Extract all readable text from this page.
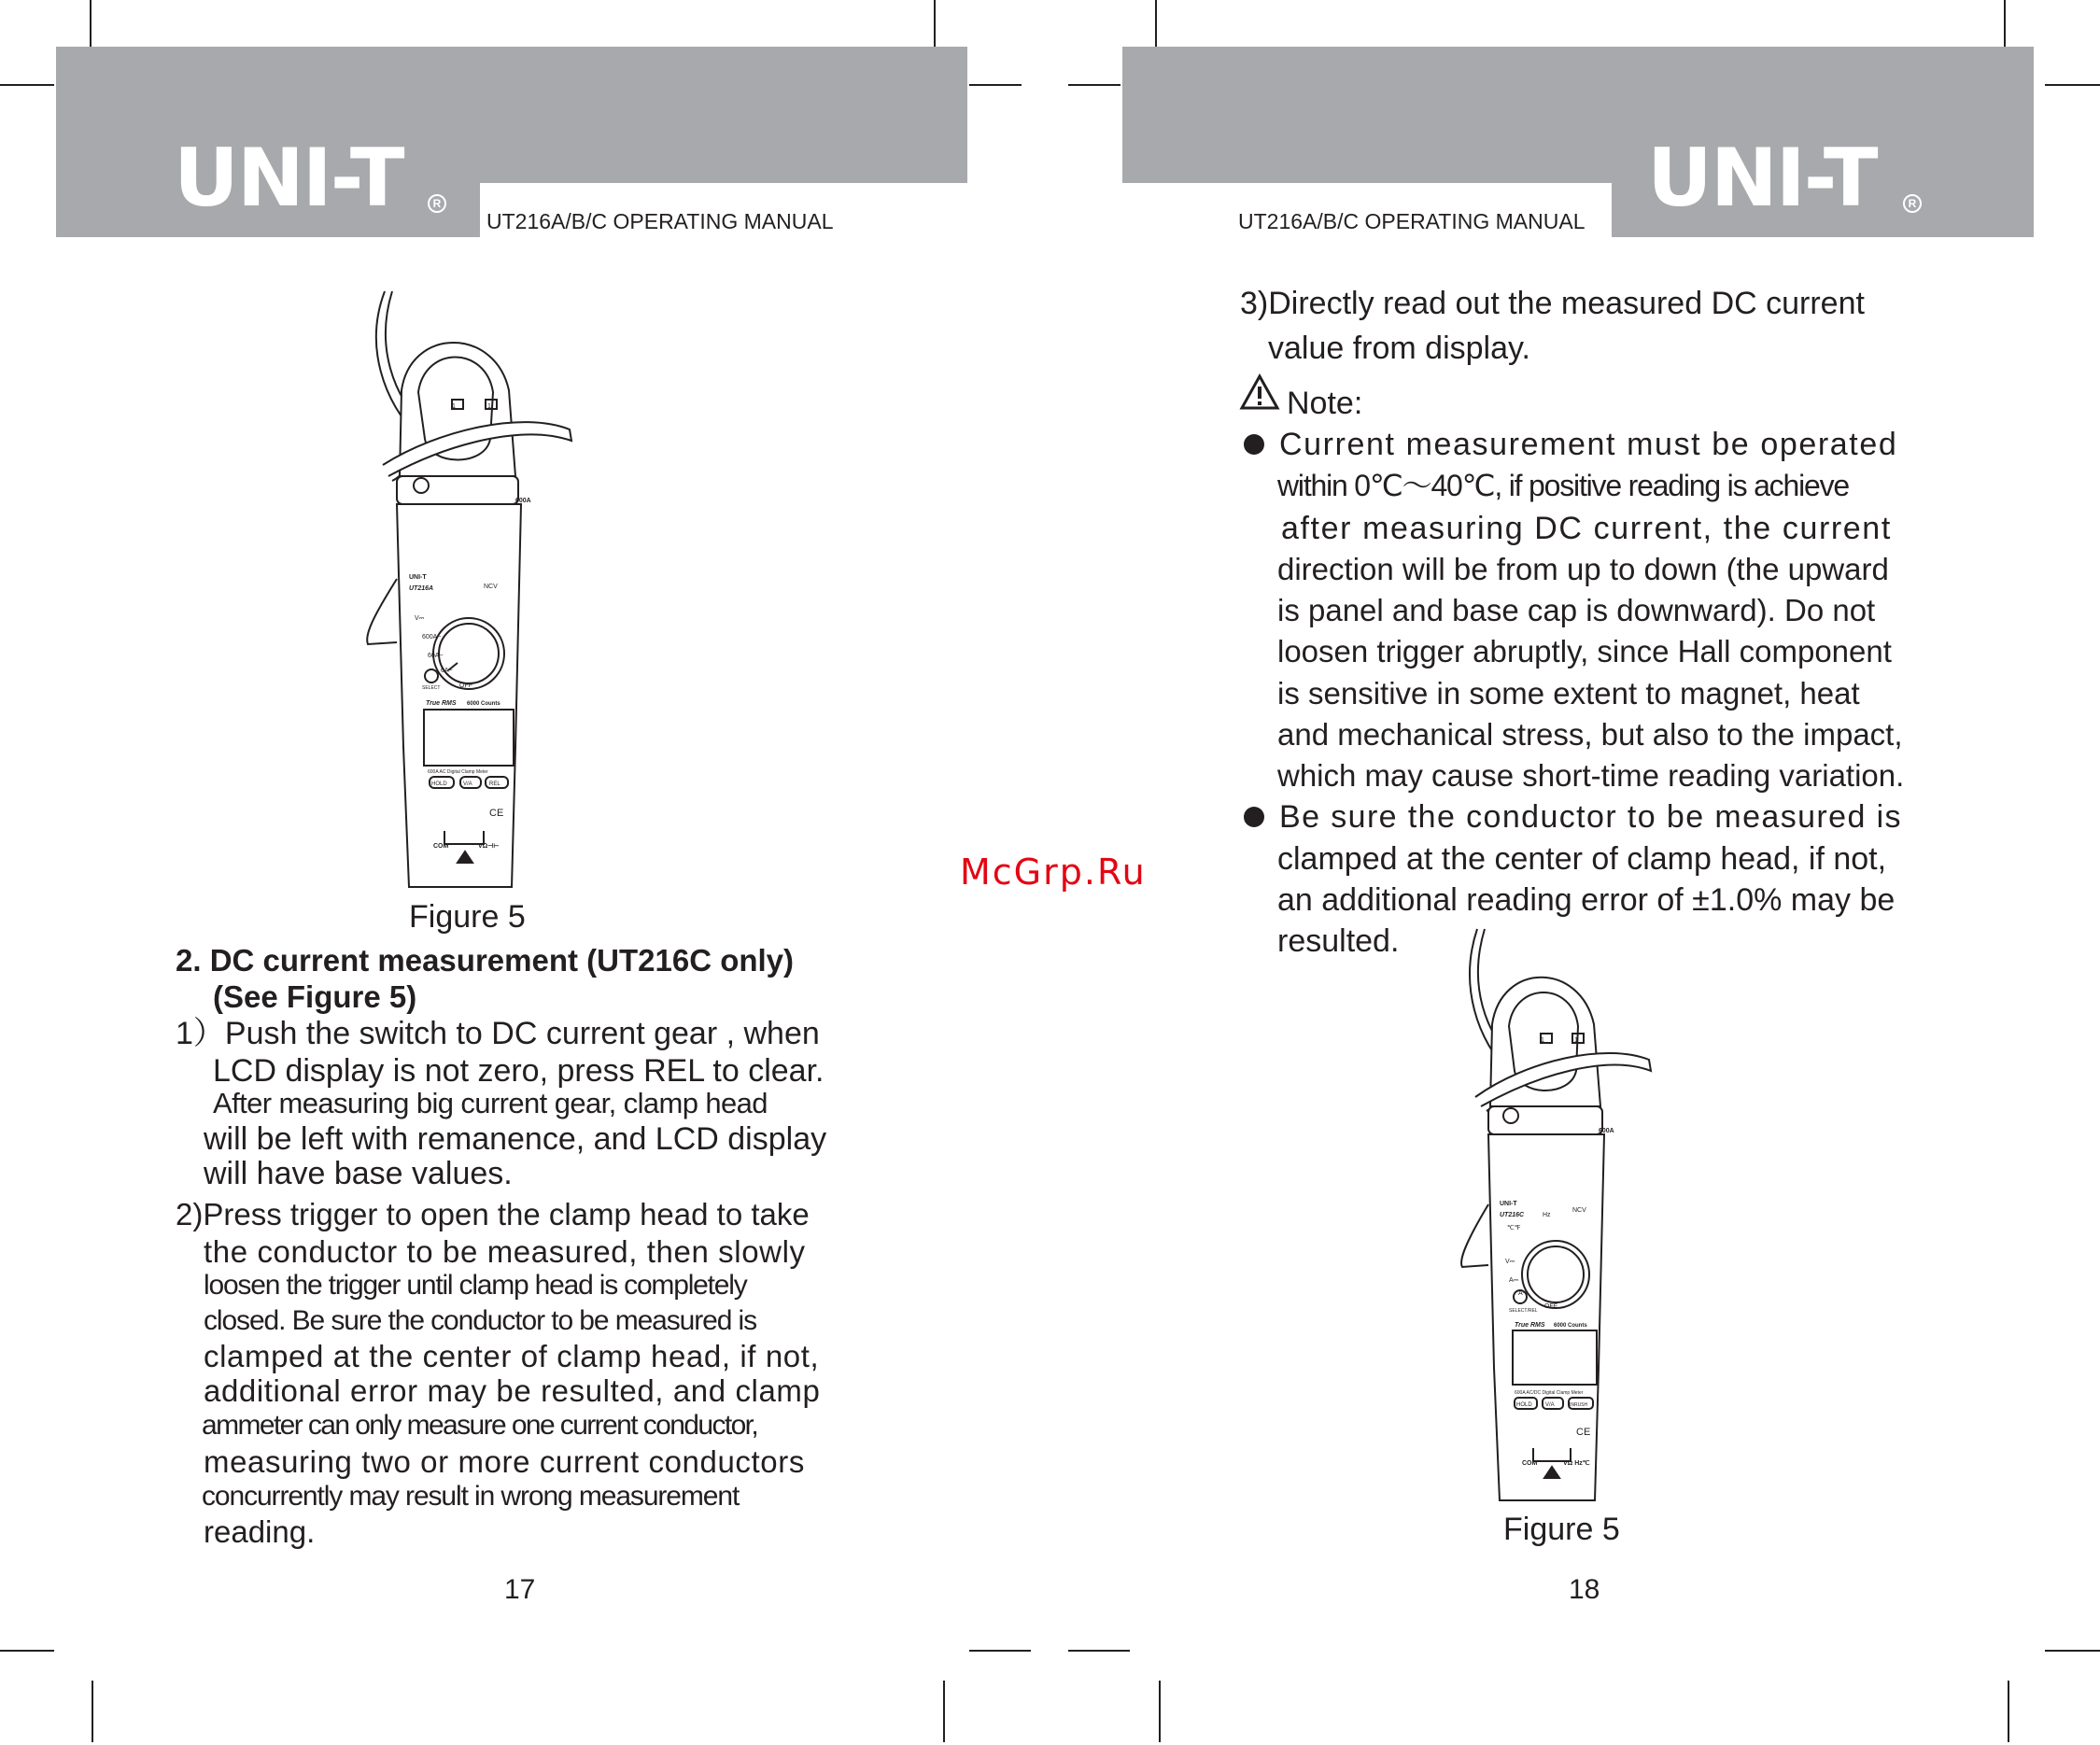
UNI-T	R
UT216A/B/C OPERATING MANUAL	UNI-T	R
UT216A/B/C OPERATING MANUAL
1	1
600A
UNI-T
UT216A	NCV
V⎓
600A~
60A~
6A~
OFF
SELECT
True RMS 6000 Counts
600A AC Digital Clamp Meter
HOLD	V/A	REL
CE
COM	VΩ⊣⊢
Figure 5
2. DC current measurement (UT216C only)
(See Figure 5)
1）Push the switch to DC current gear , when
LCD display is not zero, press REL to clear.
After measuring big current gear, clamp head
will be left with remanence, and LCD display
will have base values.
2)Press trigger to open the clamp head to take
the conductor to be measured, then slowly
loosen the trigger until clamp head is completely
closed. Be sure the conductor to be measured is
clamped at the center of clamp head, if not,
additional error may be resulted, and clamp
ammeter can only measure one current conductor,
measuring two or more current conductors
concurrently may result in wrong measurement
reading.
17
McGrp.Ru
3)Directly read out the measured DC current
value from display.
Note:
Current measurement must be operated
within 0℃～40℃, if positive reading is achieve
after measuring DC current, the current
direction will be from up to down (the upward
is panel and base cap is downward). Do not
loosen trigger abruptly, since Hall component
is sensitive in some extent to magnet, heat
and mechanical stress, but also to the impact,
which may cause short-time reading variation.
Be sure the conductor to be measured is
clamped at the center of clamp head, if not,
an additional reading error of ±1.0% may be
resulted.
1	1
600A
UNI-T
UT216C
NCV
Hz
℃℉
V⎓
A⎓
A~
OFF
SELECT/REL
True RMS 6000 Counts
600A AC/DC Digital Clamp Meter
HOLD V/A	INRUSH
CE
COM	VΩ Hz℃
Figure 5
18
